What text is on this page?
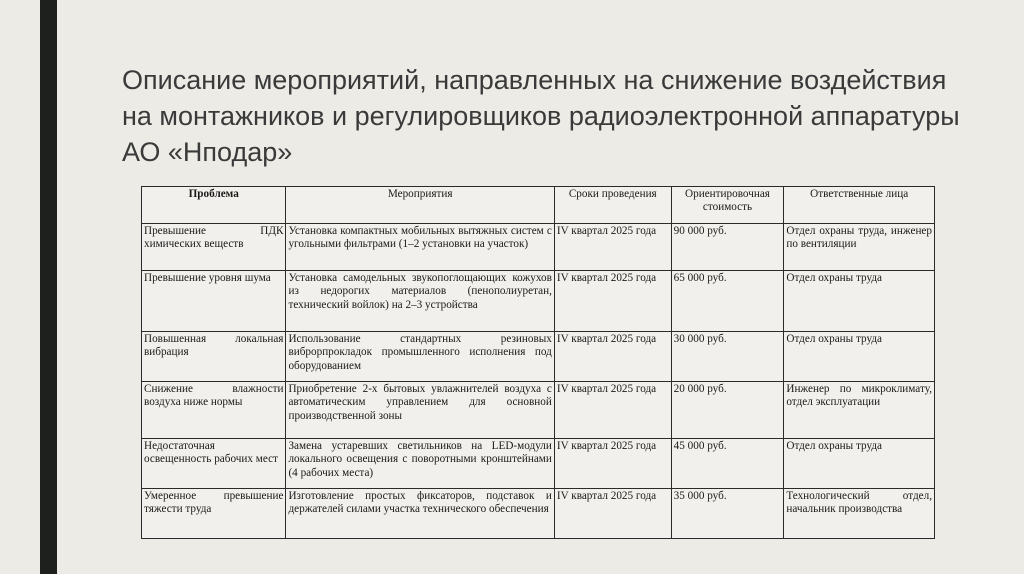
Описание мероприятий, направленных на снижение воздействия на монтажников и регулировщиков радиоэлектронной аппаратуры АО «Нподар»
Проблема	Мероприятия	Сроки проведения	Ориентировочная стоимость	Ответственные лица
Превышение ПДК химических веществ	Установка компактных мобильных вытяжных систем с угольными фильтрами (1–2 установки на участок)	IV квартал 2025 года	90 000 руб.	Отдел охраны труда, инженер по вентиляции
Превышение уровня шума	Установка самодельных звукопоглощающих кожухов из недорогих материалов (пенополиуретан, технический войлок) на 2–3 устройства	IV квартал 2025 года	65 000 руб.	Отдел охраны труда
Повышенная локальная вибрация	Использование стандартных резиновых виброрпрокладок промышленного исполнения под оборудованием	IV квартал 2025 года	30 000 руб.	Отдел охраны труда
Снижение влажности воздуха ниже нормы	Приобретение 2-х бытовых увлажнителей воздуха с автоматическим управлением для основной производственной зоны	IV квартал 2025 года	20 000 руб.	Инженер по микроклимату, отдел эксплуатации
Недостаточная освещенность рабочих мест	Замена устаревших светильников на LED-модули локального освещения с поворотными кронштейнами (4 рабочих места)	IV квартал 2025 года	45 000 руб.	Отдел охраны труда
Умеренное превышение тяжести труда	Изготовление простых фиксаторов, подставок и держателей силами участка технического обеспечения	IV квартал 2025 года	35 000 руб.	Технологический отдел, начальник производства
